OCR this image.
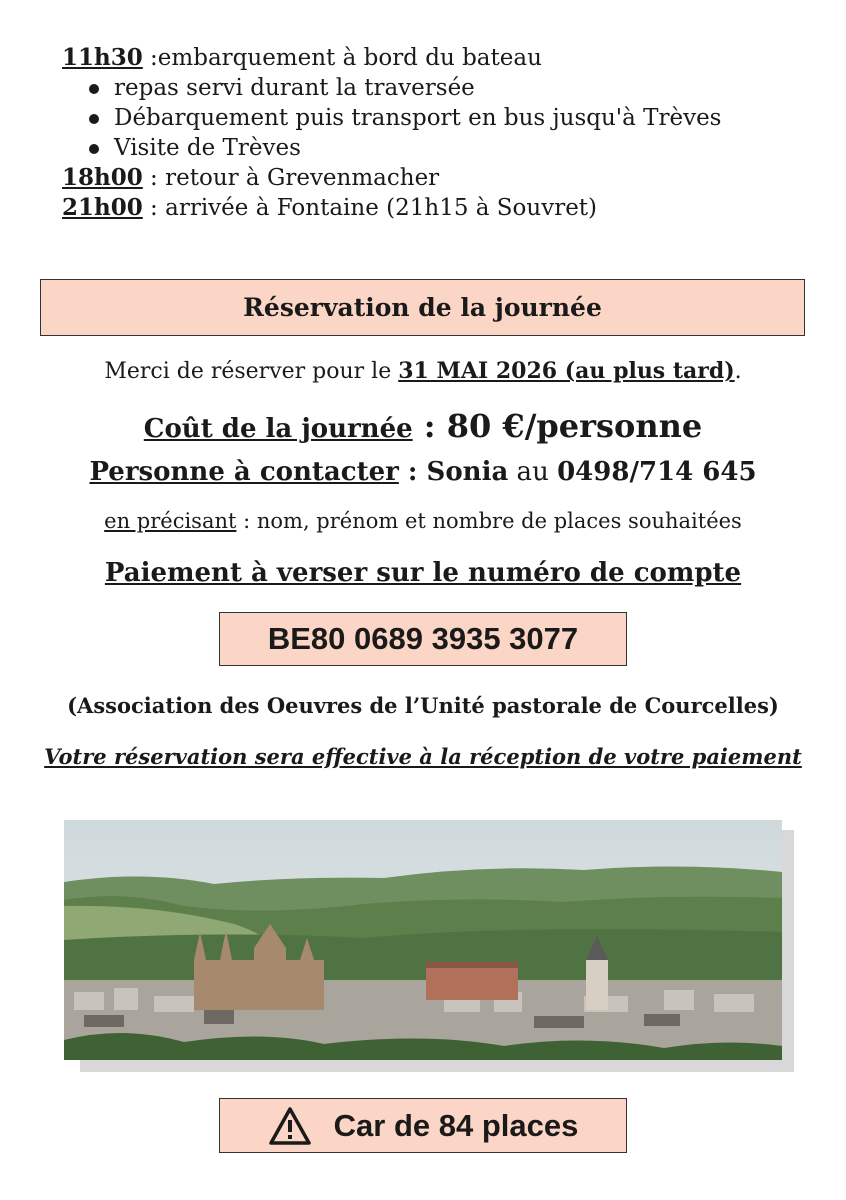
11h30 :embarquement à bord du bateau
repas servi durant la traversée
Débarquement puis transport en bus jusqu'à Trèves
Visite de Trèves
18h00 : retour à Grevenmacher
21h00 : arrivée à Fontaine (21h15 à Souvret)
Réservation de la journée
Merci de réserver pour le 31 MAI 2026 (au plus tard).
Coût de la journée : 80 €/personne
Personne à contacter : Sonia au 0498/714 645
en précisant : nom, prénom et nombre de places souhaitées
Paiement à verser sur le numéro de compte
BE80 0689 3935 3077
(Association des Oeuvres de l’Unité pastorale de Courcelles)
Votre réservation sera effective à la réception de votre paiement
Car de 84 places
